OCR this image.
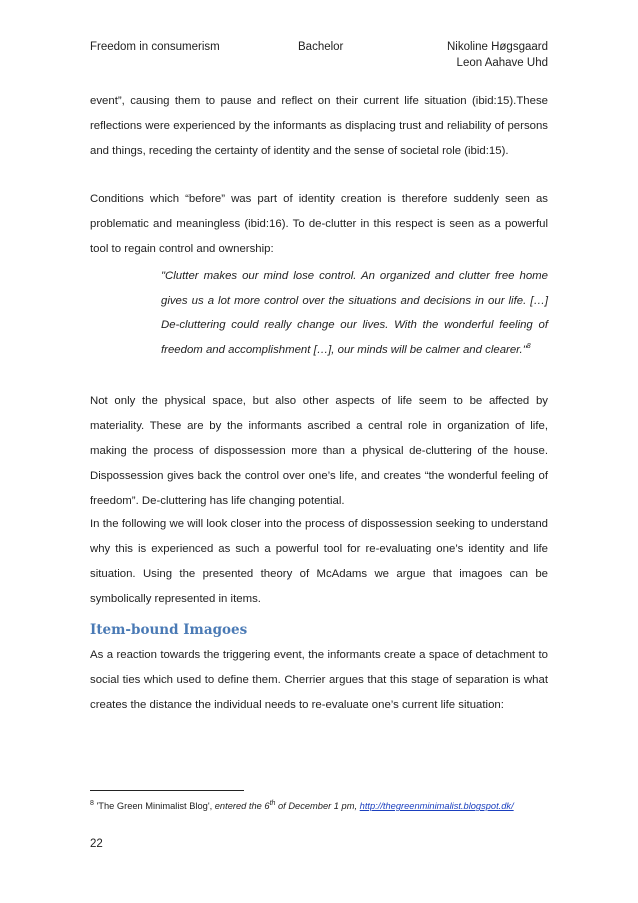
Freedom in consumerism	Bachelor	Nikoline Høgsgaard
Leon Aahave Uhd

event”, causing them to pause and reflect on their current life situation (ibid:15).These reflections were experienced by the informants as displacing trust and reliability of persons and things, receding the certainty of identity and the sense of societal role (ibid:15).

Conditions which “before” was part of identity creation is therefore suddenly seen as problematic and meaningless (ibid:16). To de-clutter in this respect is seen as a powerful tool to regain control and ownership:

"Clutter makes our mind lose control. An organized and clutter free home gives us a lot more control over the situations and decisions in our life. […] De-cluttering could really change our lives. With the wonderful feeling of freedom and accomplishment […], our minds will be calmer and clearer."$^8$

Not only the physical space, but also other aspects of life seem to be affected by materiality. These are by the informants ascribed a central role in organization of life, making the process of dispossession more than a physical de-cluttering of the house. Dispossession gives back the control over one’s life, and creates “the wonderful feeling of freedom”. De-cluttering has life changing potential.

In the following we will look closer into the process of dispossession seeking to understand why this is experienced as such a powerful tool for re-evaluating one’s identity and life situation. Using the presented theory of McAdams we argue that imagoes can be symbolically represented in items.

Item-bound Imagoes

As a reaction towards the triggering event, the informants create a space of detachment to social ties which used to define them. Cherrier argues that this stage of separation is what creates the distance the individual needs to re-evaluate one’s current life situation:

$^8$ 'The Green Minimalist Blog', entered the 6th of December 1 pm, http://thegreenminimalist.blogspot.dk/
22
